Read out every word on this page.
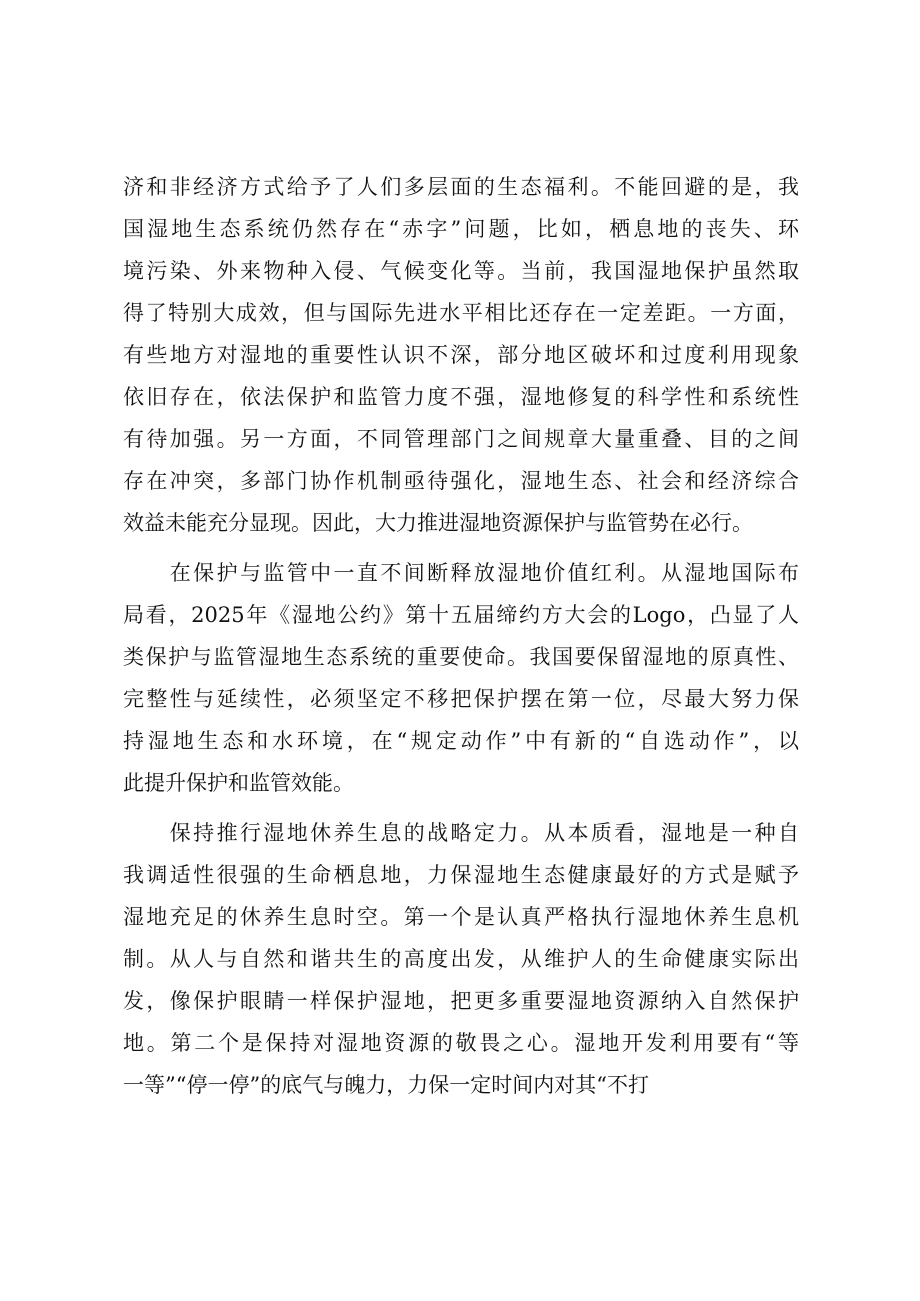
济和非经济方式给予了人们多层面的生态福利。不能回避的是，我
国湿地生态系统仍然存在“赤字”问题，比如，栖息地的丧失、环
境污染、外来物种入侵、气候变化等。当前，我国湿地保护虽然取
得了特别大成效，但与国际先进水平相比还存在一定差距。一方面，
有些地方对湿地的重要性认识不深，部分地区破坏和过度利用现象
依旧存在，依法保护和监管力度不强，湿地修复的科学性和系统性
有待加强。另一方面，不同管理部门之间规章大量重叠、目的之间
存在冲突，多部门协作机制亟待强化，湿地生态、社会和经济综合
效益未能充分显现。因此，大力推进湿地资源保护与监管势在必行。
　　在保护与监管中一直不间断释放湿地价值红利。从湿地国际布
局看，2025年《湿地公约》第十五届缔约方大会的Logo，凸显了人
类保护与监管湿地生态系统的重要使命。我国要保留湿地的原真性、
完整性与延续性，必须坚定不移把保护摆在第一位，尽最大努力保
持湿地生态和水环境，在“规定动作”中有新的“自选动作”，以
此提升保护和监管效能。
　　保持推行湿地休养生息的战略定力。从本质看，湿地是一种自
我调适性很强的生命栖息地，力保湿地生态健康最好的方式是赋予
湿地充足的休养生息时空。第一个是认真严格执行湿地休养生息机
制。从人与自然和谐共生的高度出发，从维护人的生命健康实际出
发，像保护眼睛一样保护湿地，把更多重要湿地资源纳入自然保护
地。第二个是保持对湿地资源的敬畏之心。湿地开发利用要有“等
一等”“停一停”的底气与魄力，力保一定时间内对其“不打
